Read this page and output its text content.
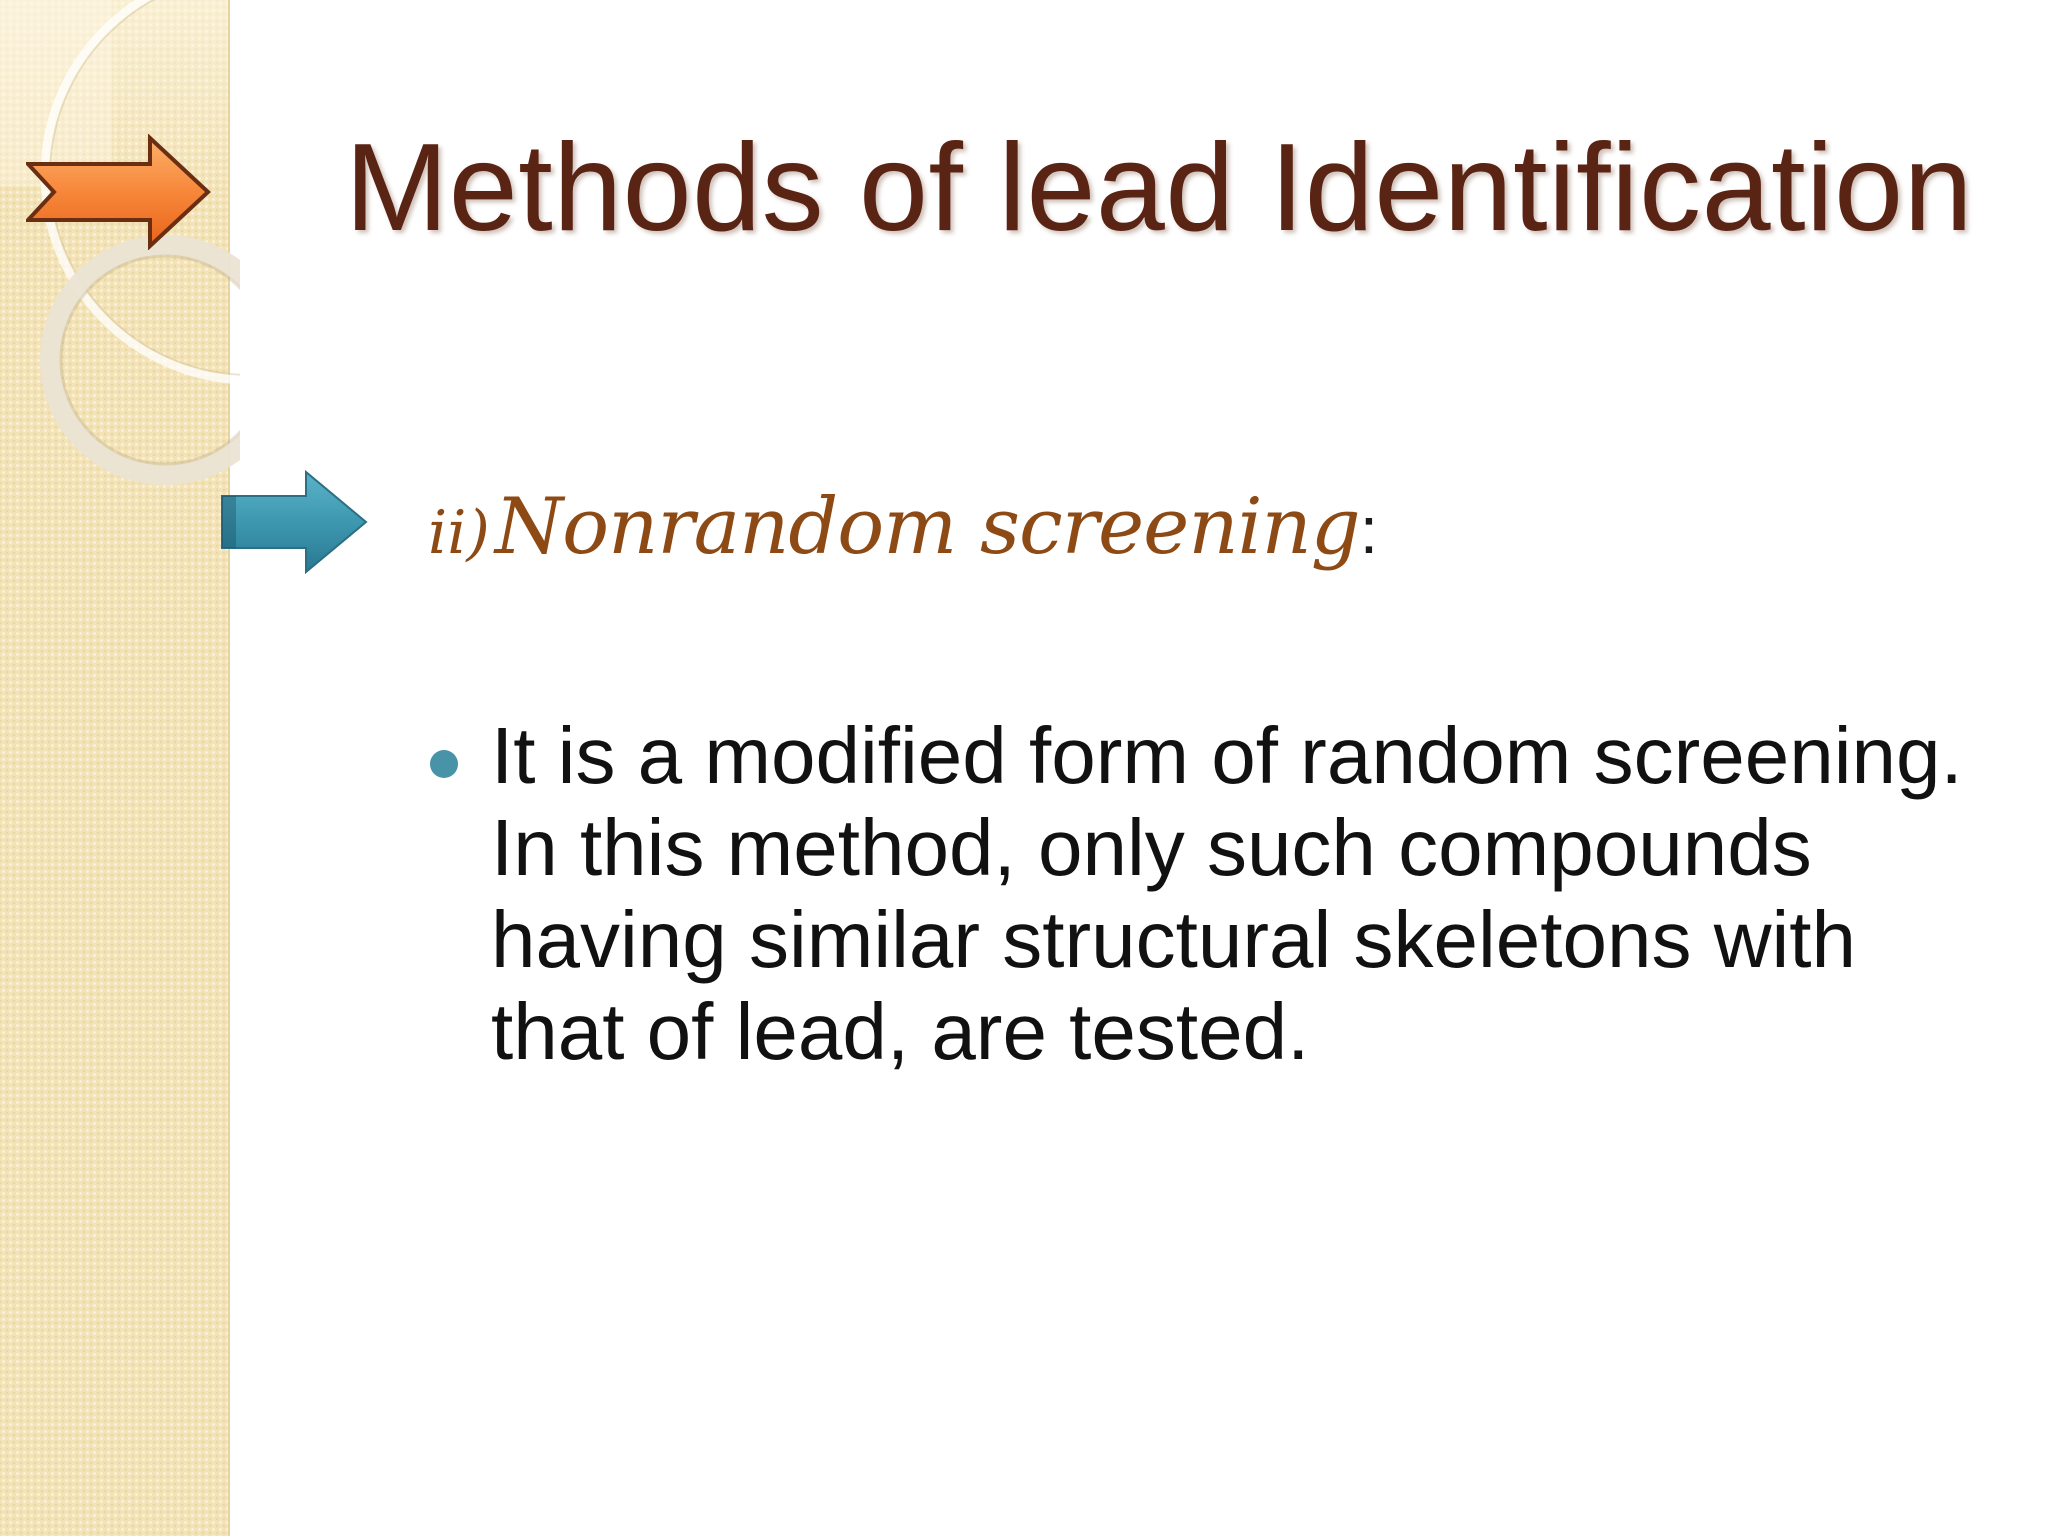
Methods of lead Identification
ii) Nonrandom screening:

It is a modified form of random screening. In this method, only such compounds having similar structural skeletons with that of lead, are tested.
